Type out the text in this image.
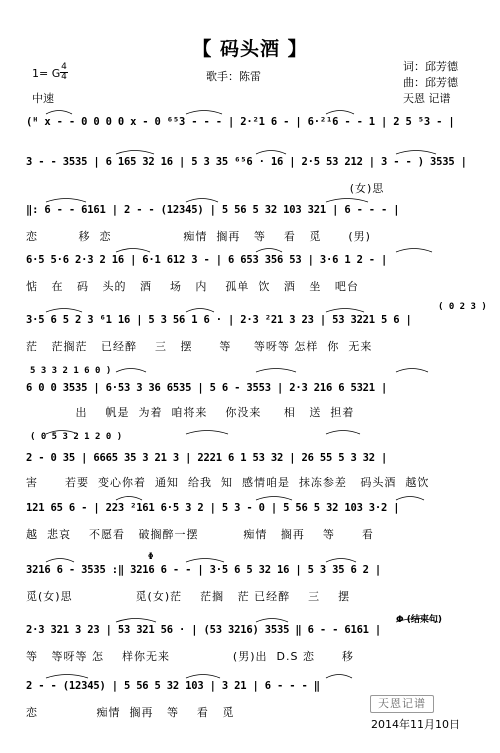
【 码头酒 】
1= G $\frac{4}{4}$
中速
歌手：陈雷
词：邱芳德
曲：邱芳德
天恩 记谱
(ᴴ x - - 0 0 0 0 x - 0 ⁶⁵3 - - - | 2·²1 6 - | 6·²¹6 - - 1 | 2 5 ⁵3 - |
3 - - 3535 | 6 165 32 16 | 5 3 35 ⁶⁵6 · 16 | 2·5 53 212 | 3 - - ) 3535 |
(女)思
‖: 6 - - 6161 | 2 - - (12345) | 5 56 5 32 103 321 | 6 - - - |
恋         移  恋                痴情  搁再   等    看   觅      (男)
6·5 5·6 2·3 2 16 | 6·1 612 3 - | 6 653 356 53 | 3·6 1 2 - |
惦   在   码   头的   酒    场   内    孤单  饮   酒   坐   吧台
( 0 2 3 )
3·5 6 5 2 3 ⁶1 16 | 5 3 56 1 6 · | 2·3 ²21 3 23 | 53 3221 5 6 |
茫   茫搁茫   已经醉    三   摆      等     等呀等 怎样  你  无来
5 3 3 2 1 6 0 )
6 0 0 3535 | 6·53 3 36 6535 | 5 6 - 3553 | 2·3 216 6 5321 |
出    帆是  为着  咱将来    你没来     相   送  担着
( 0 5 3 2 1 2 0 )
2 - 0 35 | 6665 35 3 21 3 | 2221 6 1 53 32 | 26 55 5 3 32 |
害      若要  变心你着  通知  给我  知  感情咱是  抹冻参差   码头酒  越饮
121 65 6 - | 223 ²161 6·5 3 2 | 5 3 - 0 | 5 56 5 32 103 3·2 |
越  悲哀    不愿看   破搁醉一摆          痴情   搁再    等      看
Φ
3216 6 - 3535 :‖ 3216 6 - - | 3·5 6 5 32 16 | 5 3 35 6 2 |
觅(女)思              觅(女)茫    茫搁   茫 已经醉    三    摆
Φ (结束句)
2·3 321 3 23 | 53 321 56 · | (53 3216) 3535 ‖ 6 - - 6161 |
等   等呀等 怎    样你无来              (男)出  D.S 恋      移
2 - - (12345) | 5 56 5 32 103 | 3 21 | 6 - - - ‖
恋             痴情  搁再   等    看   觅
天恩记谱
2014年11月10日
